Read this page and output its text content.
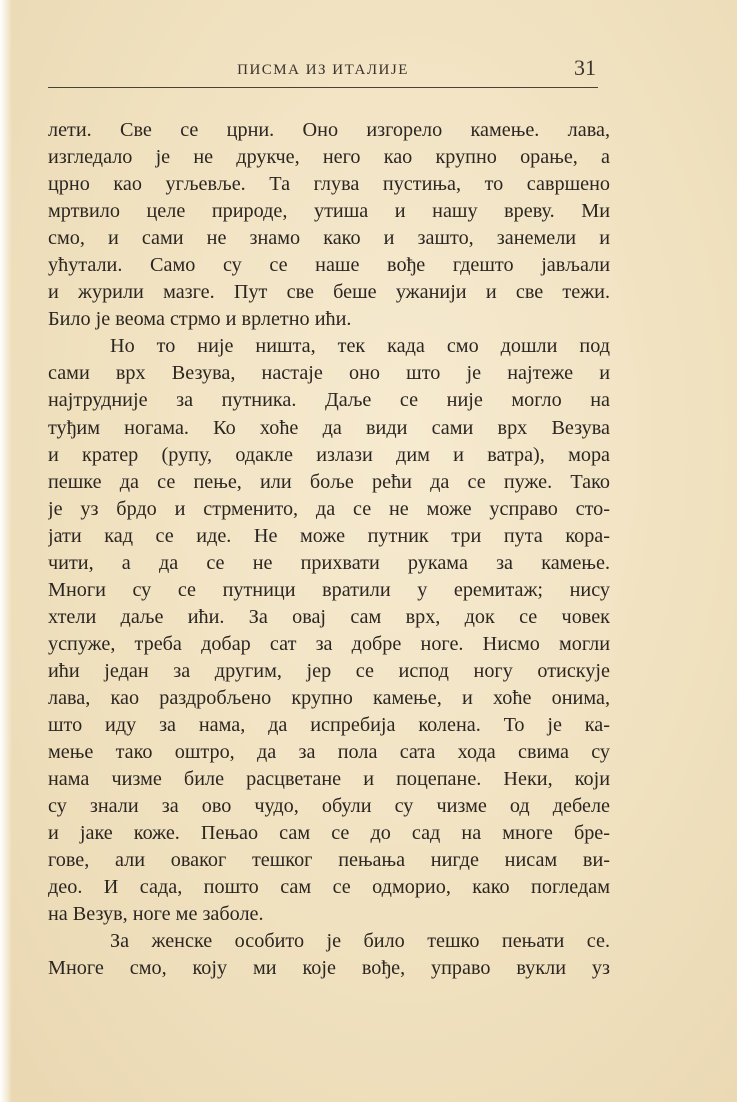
ПИСМА ИЗ ИТАЛИЈЕ	31
лети. Све се црни. Оно изгорело камење. лава,
изгледало је не друкче, него као крупно орање, а
црно као угљевље. Та глува пустиња, то савршено
мртвило целе природе, утиша и нашу вреву. Ми
смо, и сами не знамо како и зашто, занемели и
ућутали. Само су се наше вође гдешто јављали
и журили мазге. Пут све беше ужанији и све тежи.
Било је веома стрмо и врлетно ићи.
Но то није ништа, тек када смо дошли под
сами врх Везува, настаје оно што је најтеже и
најтрудније за путника. Даље се није могло на
туђим ногама. Ко хоће да види сами врх Везува
и кратер (рупу, одакле излази дим и ватра), мора
пешке да се пење, или боље рећи да се пуже. Тако
је уз брдо и стрменито, да се не може усправо сто-
јати кад се иде. Не може путник три пута кора-
чити, а да се не прихвати рукама за камење.
Многи су се путници вратили у еремитаж; нису
хтели даље ићи. За овај сам врх, док се човек
успуже, треба добар сат за добре ноге. Нисмо могли
ићи један за другим, јер се испод ногу отискује
лава, као раздробљено крупно камење, и хоће онима,
што иду за нама, да испребија колена. То је ка-
мење тако оштро, да за пола сата хода свима су
нама чизме биле расцветане и поцепане. Неки, који
су знали за ово чудо, обули су чизме од дебеле
и јаке коже. Пењао сам се до сад на многе бре-
гове, али оваког тешког пењања нигде нисам ви-
део. И сада, пошто сам се одморио, како погледам
на Везув, ноге ме заболе.
За женске особито је било тешко пењати се.
Многе смо, коју ми које вође, управо вукли уз
